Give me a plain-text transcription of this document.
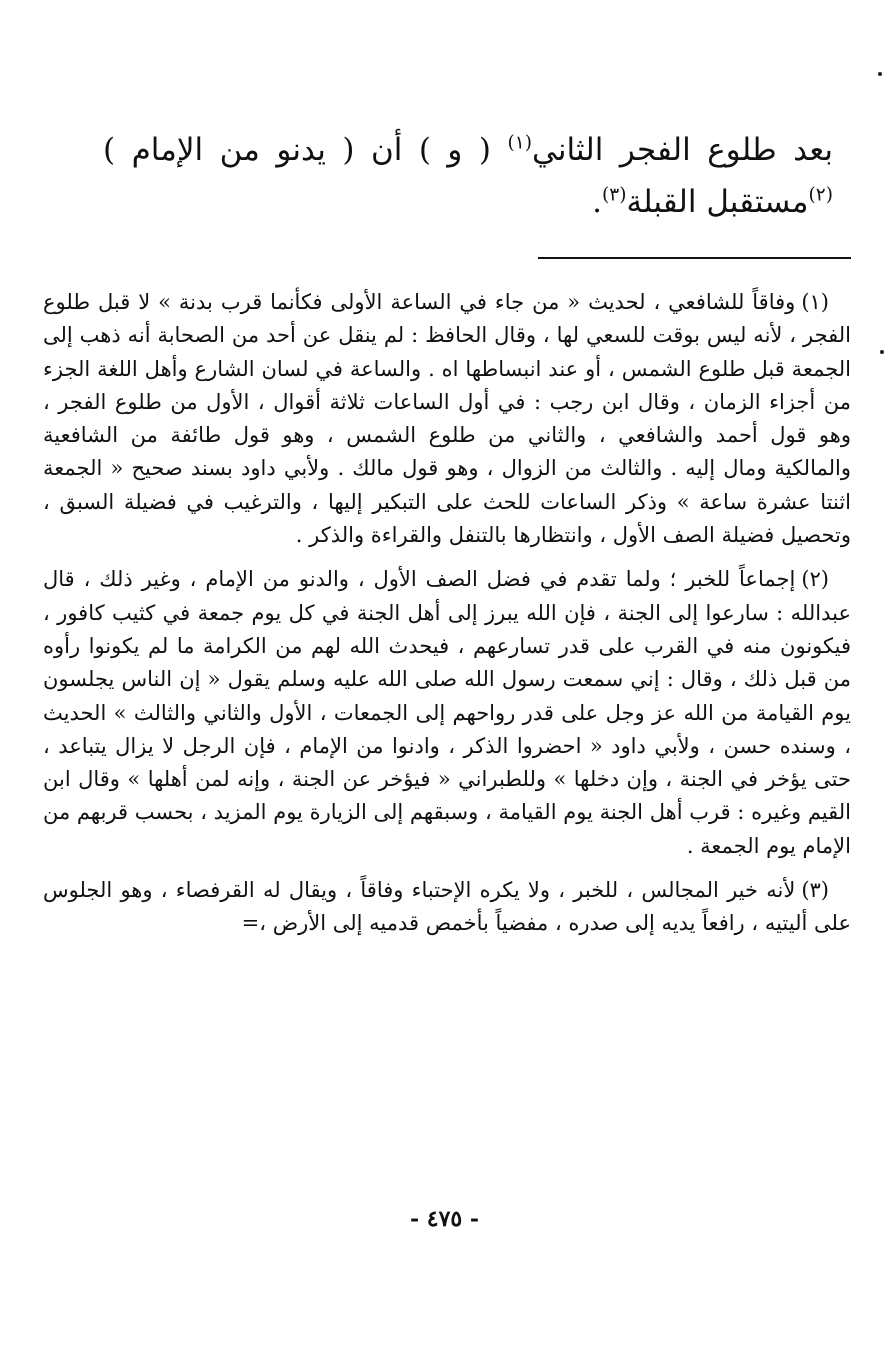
بعد طلوع الفجر الثاني$^{(١)}$ ( و ) أن ( يدنو من الإمام )$^{(٢)}$مستقبل القبلة$^{(٣)}$.

(١)وفاقاً للشافعي ، لحديث « من جاء في الساعة الأولى فكأنما قرب بدنة » لا قبل طلوع الفجر ، لأنه ليس بوقت للسعي لها ، وقال الحافظ : لم ينقل عن أحد من الصحابة أنه ذهب إلى الجمعة قبل طلوع الشمس ، أو عند انبساطها اه . والساعة في لسان الشارع وأهل اللغة الجزء من أجزاء الزمان ، وقال ابن رجب : في أول الساعات ثلاثة أقوال ، الأول من طلوع الفجر ، وهو قول أحمد والشافعي ، والثاني من طلوع الشمس ، وهو قول طائفة من الشافعية والمالكية ومال إليه . والثالث من الزوال ، وهو قول مالك . ولأبي داود بسند صحيح « الجمعة اثنتا عشرة ساعة » وذكر الساعات للحث على التبكير إليها ، والترغيب في فضيلة السبق ، وتحصيل فضيلة الصف الأول ، وانتظارها بالتنفل والقراءة والذكر .

(٢)إجماعاً للخبر ؛ ولما تقدم في فضل الصف الأول ، والدنو من الإمام ، وغير ذلك ، قال عبدالله : سارعوا إلى الجنة ، فإن الله يبرز إلى أهل الجنة في كل يوم جمعة في كثيب كافور ، فيكونون منه في القرب على قدر تسارعهم ، فيحدث الله لهم من الكرامة ما لم يكونوا رأوه من قبل ذلك ، وقال : إني سمعت رسول الله صلى الله عليه وسلم يقول « إن الناس يجلسون يوم القيامة من الله عز وجل على قدر رواحهم إلى الجمعات ، الأول والثاني والثالث » الحديث ، وسنده حسن ، ولأبي داود « احضروا الذكر ، وادنوا من الإمام ، فإن الرجل لا يزال يتباعد ، حتى يؤخر في الجنة ، وإن دخلها » وللطبراني « فيؤخر عن الجنة ، وإنه لمن أهلها » وقال ابن القيم وغيره : قرب أهل الجنة يوم القيامة ، وسبقهم إلى الزيارة يوم المزيد ، بحسب قربهم من الإمام يوم الجمعة .

(٣)لأنه خير المجالس ، للخبر ، ولا يكره الإحتباء وفاقاً ، ويقال له القرفصاء ، وهو الجلوس على أليتيه ، رافعاً يديه إلى صدره ، مفضياً بأخمص قدميه إلى الأرض ،=

- ٤٧٥ -
